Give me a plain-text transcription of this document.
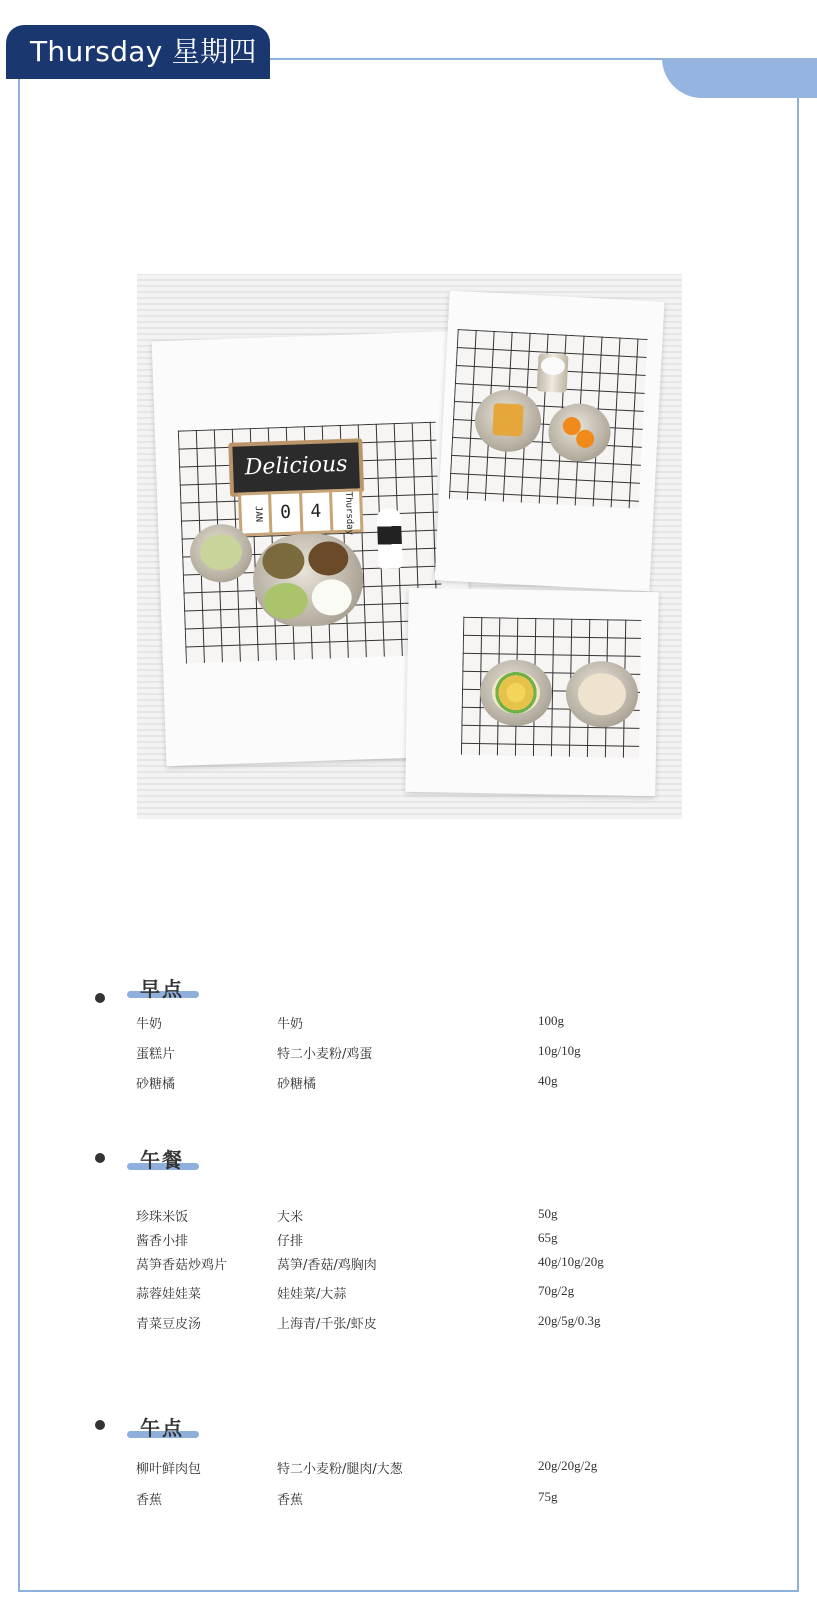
Thursday 星期四
Delicious
JAN 0	4	Thursday
早点
牛奶	牛奶	100g
蛋糕片	特二小麦粉/鸡蛋	10g/10g
砂糖橘	砂糖橘	40g
午餐
珍珠米饭	大米	50g
酱香小排	仔排	65g
莴笋香菇炒鸡片	莴笋/香菇/鸡胸肉	40g/10g/20g
蒜蓉娃娃菜	娃娃菜/大蒜	70g/2g
青菜豆皮汤	上海青/千张/虾皮	20g/5g/0.3g
午点
柳叶鲜肉包	特二小麦粉/腿肉/大葱	20g/20g/2g
香蕉	香蕉	75g
